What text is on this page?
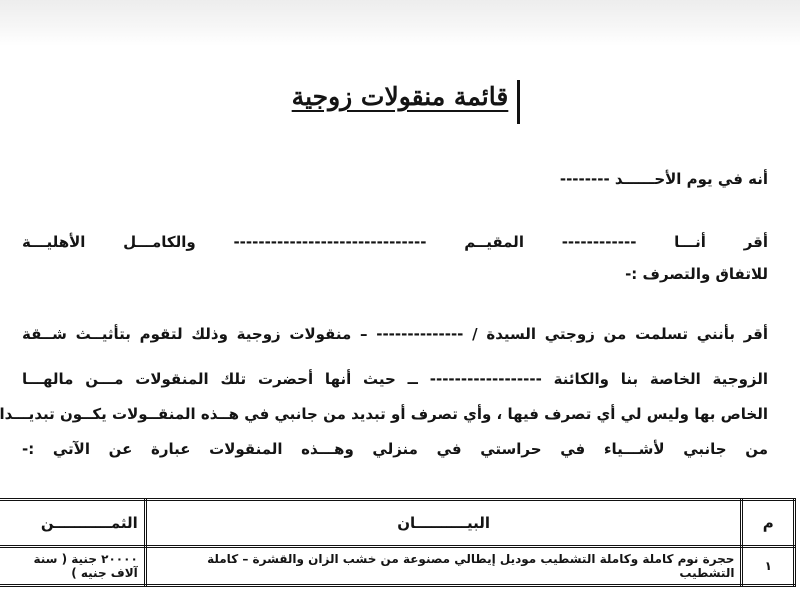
قائمة منقولات زوجية
أنه في يوم الأحــــــد --------
أقر أنـــا ------------ المقيــم ------------------------------- والكامـــل الأهليـــة
للاتفاق والتصرف :-
أقر بأنني تسلمت من زوجتي السيدة / -------------- – منقولات زوجية وذلك لتقوم بتأثيــث شــقة
الزوجية الخاصة بنا والكائنة ------------------ ــ حيث أنها أحضرت تلك المنقولات مـــن مالهـــا
الخاص بها وليس لي أي تصرف فيها ، وأي تصرف أو تبديد من جانبي في هــذه المنقــولات يكــون تبديـــدا
من جانبي لأشـــياء في حراستي في منزلي وهـــذه المنقولات عبارة عن الآتي :-
م	البيــــــــــان	الثمـــــــــــن
١	حجرة نوم كاملة وكاملة التشطيب موديل إيطالي مصنوعة من خشب الزان والقشرة – كاملة التشطيب	٢٠٠٠٠ جنية ( سنة
آلاف جنيه )
